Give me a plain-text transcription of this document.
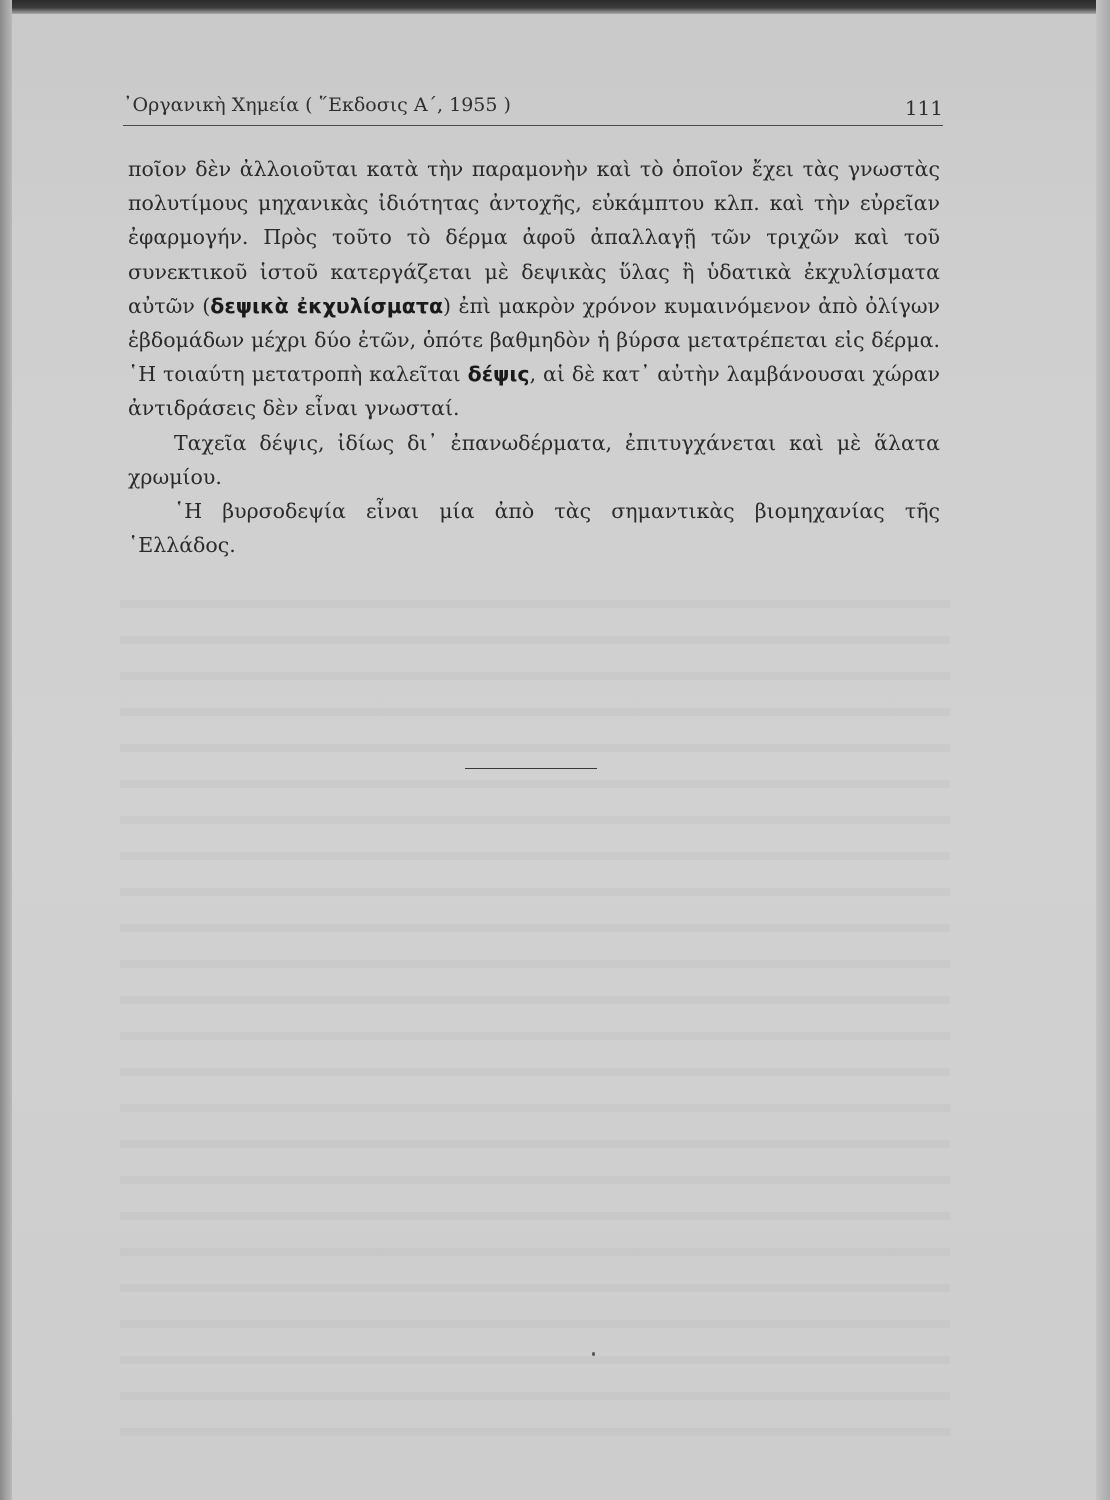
᾿Οργανικὴ Χημεία ( ῞Εκδοσις Α΄, 1955 )	111

ποῖον δὲν ἀλλοιοῦται κατὰ τὴν παραμονὴν καὶ τὸ ὁποῖον ἔχει τὰς γνωστὰς πολυτίμους μηχανικὰς ἰδιότητας ἀντοχῆς, εὐκάμπτου κλπ. καὶ τὴν εὐρεῖαν ἐφαρμογήν. Πρὸς τοῦτο τὸ δέρμα ἀφοῦ ἀπαλλαγῇ τῶν τριχῶν καὶ τοῦ συνεκτικοῦ ἱστοῦ κατεργάζεται μὲ δεψικὰς ὕλας ἢ ὑδατικὰ ἐκχυλίσματα αὐτῶν (δεψικὰ ἐκχυλίσματα) ἐπὶ μακρὸν χρόνον κυμαινόμενον ἀπὸ ὀλίγων ἑβδομάδων μέχρι δύο ἐτῶν, ὁπότε βαθμηδὸν ἡ βύρσα μετατρέπεται εἰς δέρμα. ῾Η τοιαύτη μετατροπὴ καλεῖται δέψις, αἱ δὲ κατ᾿ αὐτὴν λαμβάνουσαι χώραν ἀντιδράσεις δὲν εἶναι γνωσταί.

Ταχεῖα δέψις, ἰδίως δι᾿ ἐπανωδέρματα, ἐπιτυγχάνεται καὶ μὲ ἅλατα χρωμίου.

῾Η βυρσοδεψία εἶναι μία ἀπὸ τὰς σημαντικὰς βιομηχανίας τῆς ῾Ελλάδος.
